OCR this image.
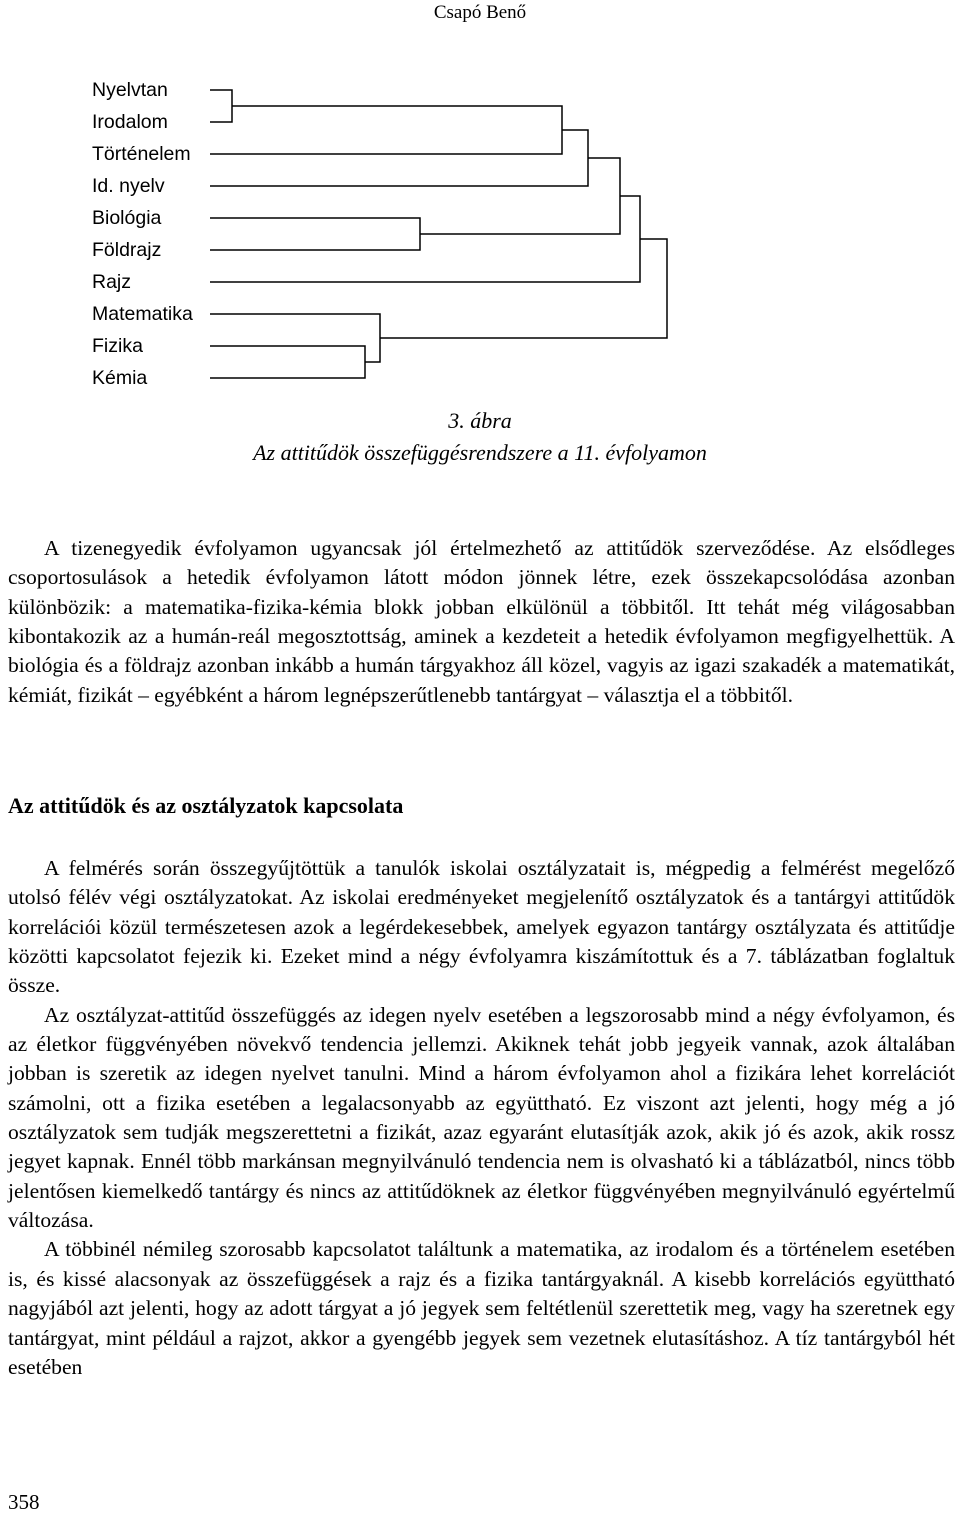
Csapó Benő
Nyelvtan
Irodalom
Történelem
Id. nyelv
Biológia
Földrajz
Rajz
Matematika
Fizika
Kémia
3. ábra
Az attitűdök összefüggésrendszere a 11. évfolyamon

A tizenegyedik évfolyamon ugyancsak jól értelmezhető az attitűdök szerveződése. Az elsődleges csoportosulások a hetedik évfolyamon látott módon jönnek létre, ezek összekapcsolódása azonban különbözik: a matematika-fizika-kémia blokk jobban elkülönül a többitől. Itt tehát még világosabban kibontakozik az a humán-reál megosztottság, aminek a kezdeteit a hetedik évfolyamon megfigyelhettük. A biológia és a földrajz azonban inkább a humán tárgyakhoz áll közel, vagyis az igazi szakadék a matematikát, kémiát, fizikát – egyébként a három legnépszerűtlenebb tantárgyat – választja el a többitől.

Az attitűdök és az osztályzatok kapcsolata

A felmérés során összegyűjtöttük a tanulók iskolai osztályzatait is, mégpedig a felmérést megelőző utolsó félév végi osztályzatokat. Az iskolai eredményeket megjelenítő osztályzatok és a tantárgyi attitűdök korrelációi közül természetesen azok a legérdekesebbek, amelyek egyazon tantárgy osztályzata és attitűdje közötti kapcsolatot fejezik ki. Ezeket mind a négy évfolyamra kiszámítottuk és a 7. táblázatban foglaltuk össze.

Az osztályzat-attitűd összefüggés az idegen nyelv esetében a legszorosabb mind a négy évfolyamon, és az életkor függvényében növekvő tendencia jellemzi. Akiknek tehát jobb jegyeik vannak, azok általában jobban is szeretik az idegen nyelvet tanulni. Mind a három évfolyamon ahol a fizikára lehet korrelációt számolni, ott a fizika esetében a legalacsonyabb az együttható. Ez viszont azt jelenti, hogy még a jó osztályzatok sem tudják megszerettetni a fizikát, azaz egyaránt elutasítják azok, akik jó és azok, akik rossz jegyet kapnak. Ennél több markánsan megnyilvánuló tendencia nem is olvasható ki a táblázatból, nincs több jelentősen kiemelkedő tantárgy és nincs az attitűdöknek az életkor függvényében megnyilvánuló egyértelmű változása.

A többinél némileg szorosabb kapcsolatot találtunk a matematika, az irodalom és a történelem esetében is, és kissé alacsonyak az összefüggések a rajz és a fizika tantárgyaknál. A kisebb korrelációs együttható nagyjából azt jelenti, hogy az adott tárgyat a jó jegyek sem feltétlenül szerettetik meg, vagy ha szeretnek egy tantárgyat, mint például a rajzot, akkor a gyengébb jegyek sem vezetnek elutasításhoz. A tíz tantárgyból hét esetében

358
